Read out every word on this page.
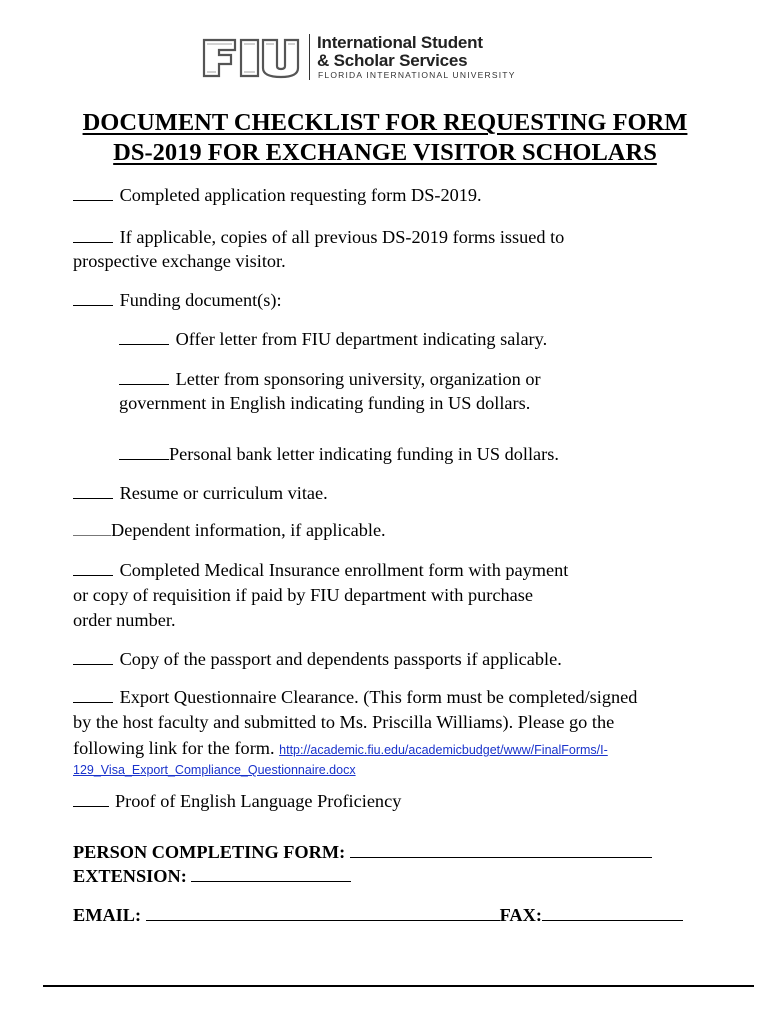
International Student
& Scholar Services
FLORIDA INTERNATIONAL UNIVERSITY
DOCUMENT CHECKLIST FOR REQUESTING FORM
DS-2019 FOR EXCHANGE VISITOR SCHOLARS
Completed application requesting form DS-2019.
If applicable, copies of all previous DS-2019 forms issued to
prospective exchange visitor.
Funding document(s):
Offer letter from FIU department indicating salary.
Letter from sponsoring university, organization or
government in English indicating funding in US dollars.
Personal bank letter indicating funding in US dollars.
Resume or curriculum vitae.
Dependent information, if applicable.
Completed Medical Insurance enrollment form with payment
or copy of requisition if paid by FIU department with purchase
order number.
Copy of the passport and dependents passports if applicable.
Export Questionnaire Clearance. (This form must be completed/signed
by the host faculty and submitted to Ms. Priscilla Williams). Please go the
following link for the form. http://academic.fiu.edu/academicbudget/www/FinalForms/I-
129_Visa_Export_Compliance_Questionnaire.docx
Proof of English Language Proficiency
PERSON COMPLETING FORM:
EXTENSION:
EMAIL:	FAX:
